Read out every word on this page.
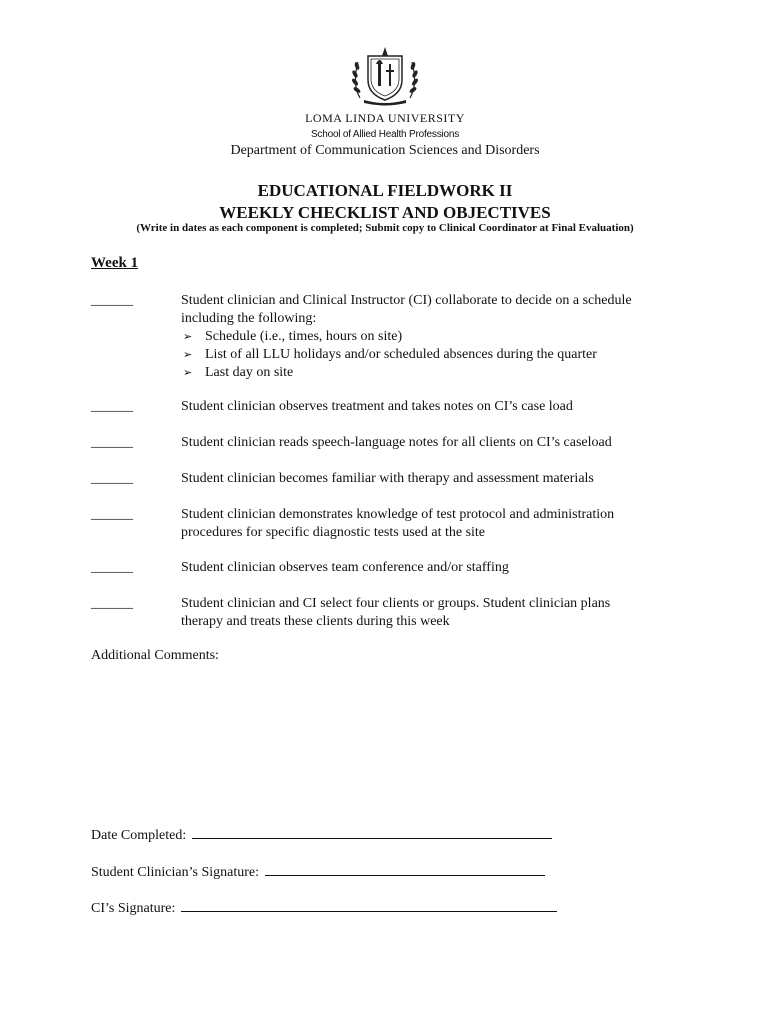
LOMA LINDA UNIVERSITY
School of Allied Health Professions
Department of Communication Sciences and Disorders
EDUCATIONAL FIELDWORK II
WEEKLY CHECKLIST AND OBJECTIVES
(Write in dates as each component is completed; Submit copy to Clinical Coordinator at Final Evaluation)
Week 1
______	Student clinician and Clinical Instructor (CI) collaborate to decide on a schedule
including the following:
➢ Schedule (i.e., times, hours on site)
➢ List of all LLU holidays and/or scheduled absences during the quarter
➢ Last day on site
______	Student clinician observes treatment and takes notes on CI’s case load
______	Student clinician reads speech-language notes for all clients on CI’s caseload
______	Student clinician becomes familiar with therapy and assessment materials
______	Student clinician demonstrates knowledge of test protocol and administration
procedures for specific diagnostic tests used at the site
______	Student clinician observes team conference and/or staffing
______	Student clinician and CI select four clients or groups. Student clinician plans
therapy and treats these clients during this week
Additional Comments:
Date Completed:
Student Clinician’s Signature:
CI’s Signature:
